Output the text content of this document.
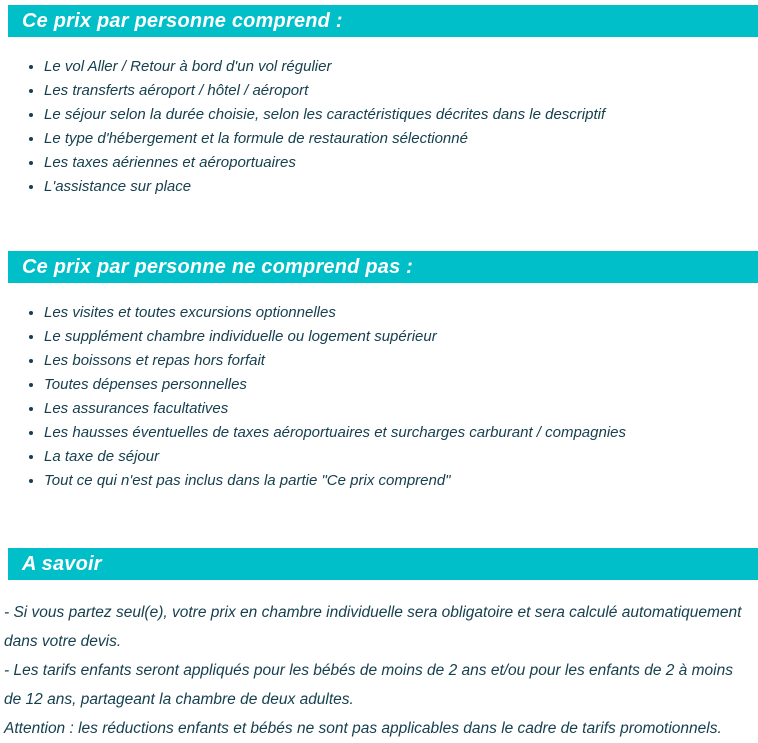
Ce prix par personne comprend :
• Le vol Aller / Retour à bord d'un vol régulier
• Les transferts aéroport / hôtel / aéroport
• Le séjour selon la durée choisie, selon les caractéristiques décrites dans le descriptif
• Le type d'hébergement et la formule de restauration sélectionné
• Les taxes aériennes et aéroportuaires
• L'assistance sur place
Ce prix par personne ne comprend pas :
• Les visites et toutes excursions optionnelles
• Le supplément chambre individuelle ou logement supérieur
• Les boissons et repas hors forfait
• Toutes dépenses personnelles
• Les assurances facultatives
• Les hausses éventuelles de taxes aéroportuaires et surcharges carburant / compagnies
• La taxe de séjour
• Tout ce qui n'est pas inclus dans la partie "Ce prix comprend"
A savoir

- Si vous partez seul(e), votre prix en chambre individuelle sera obligatoire et sera calculé automatiquement dans votre devis.

- Les tarifs enfants seront appliqués pour les bébés de moins de 2 ans et/ou pour les enfants de 2 à moins de 12 ans, partageant la chambre de deux adultes.

Attention : les réductions enfants et bébés ne sont pas applicables dans le cadre de tarifs promotionnels.
